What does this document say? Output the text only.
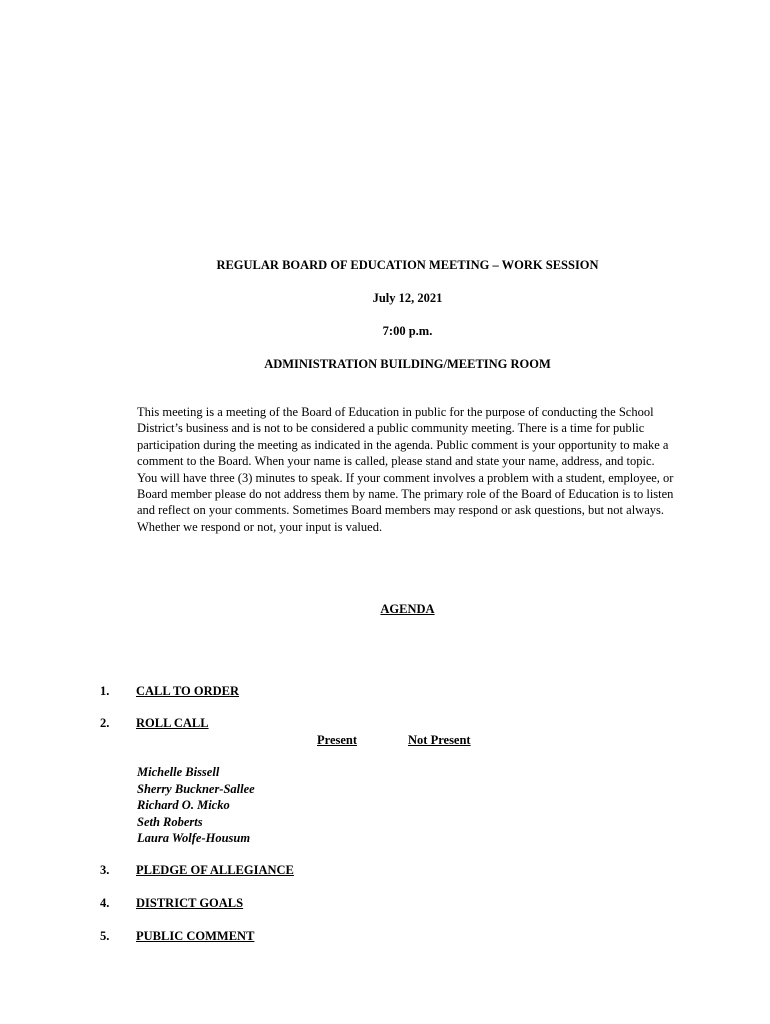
REGULAR BOARD OF EDUCATION MEETING – WORK SESSION
July 12, 2021
7:00 p.m.
ADMINISTRATION BUILDING/MEETING ROOM

This meeting is a meeting of the Board of Education in public for the purpose of conducting the School District’s business and is not to be considered a public community meeting. There is a time for public participation during the meeting as indicated in the agenda. Public comment is your opportunity to make a comment to the Board. When your name is called, please stand and state your name, address, and topic. You will have three (3) minutes to speak. If your comment involves a problem with a student, employee, or Board member please do not address them by name. The primary role of the Board of Education is to listen and reflect on your comments. Sometimes Board members may respond or ask questions, but not always. Whether we respond or not, your input is valued.

AGENDA
1. CALL TO ORDER
2. ROLL CALL
Present	Not Present
Michelle Bissell
Sherry Buckner-Sallee
Richard O. Micko
Seth Roberts
Laura Wolfe-Housum
3. PLEDGE OF ALLEGIANCE
4. DISTRICT GOALS
5. PUBLIC COMMENT
